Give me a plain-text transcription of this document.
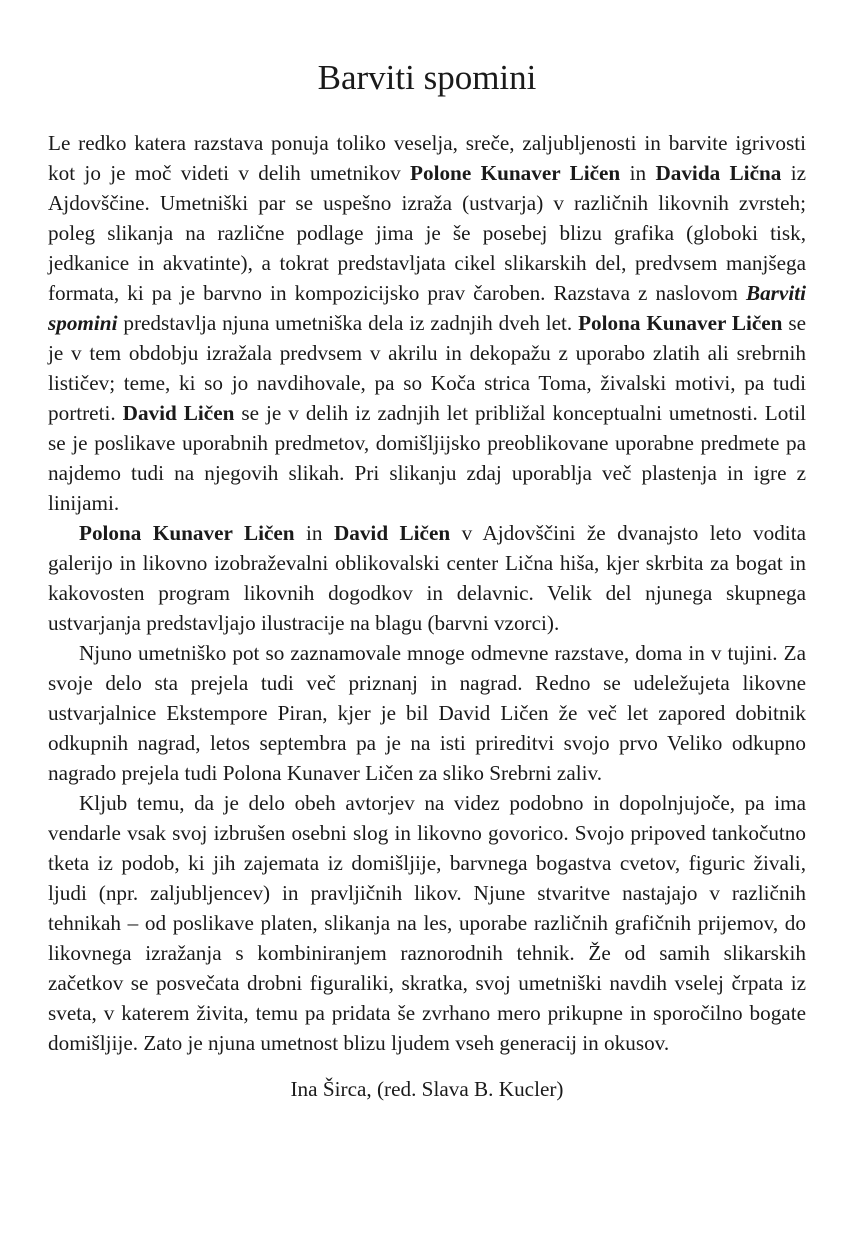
Barviti spomini

Le redko katera razstava ponuja toliko veselja, sreče, zaljubljenosti in barvite igrivosti kot jo je moč videti v delih umetnikov Polone Kunaver Ličen in Davida Lična iz Ajdovščine. Umetniški par se uspešno izraža (ustvarja) v različnih likovnih zvrsteh; poleg slikanja na različne podlage jima je še posebej blizu grafika (globoki tisk, jedkanice in akvatinte), a tokrat predstavljata cikel slikarskih del, predvsem manjšega formata, ki pa je barvno in kompozicijsko prav čaroben. Razstava z naslovom Barviti spomini predstavlja njuna umetniška dela iz zadnjih dveh let. Polona Kunaver Ličen se je v tem obdobju izražala predvsem v akrilu in dekopažu z uporabo zlatih ali srebrnih lističev; teme, ki so jo navdihovale, pa so Koča strica Toma, živalski motivi, pa tudi portreti. David Ličen se je v delih iz zadnjih let približal konceptualni umetnosti. Lotil se je poslikave uporabnih predmetov, domišljijsko preoblikovane uporabne predmete pa najdemo tudi na njegovih slikah. Pri slikanju zdaj uporablja več plastenja in igre z linijami.

Polona Kunaver Ličen in David Ličen v Ajdovščini že dvanajsto leto vodita galerijo in likovno izobraževalni oblikovalski center Lična hiša, kjer skrbita za bogat in kakovosten program likovnih dogodkov in delavnic. Velik del njunega skupnega ustvarjanja predstavljajo ilustracije na blagu (barvni vzorci).

Njuno umetniško pot so zaznamovale mnoge odmevne razstave, doma in v tujini. Za svoje delo sta prejela tudi več priznanj in nagrad. Redno se udeležujeta likovne ustvarjalnice Ekstempore Piran, kjer je bil David Ličen že več let zapored dobitnik odkupnih nagrad, letos septembra pa je na isti prireditvi svojo prvo Veliko odkupno nagrado prejela tudi Polona Kunaver Ličen za sliko Srebrni zaliv.

Kljub temu, da je delo obeh avtorjev na videz podobno in dopolnjujoče, pa ima vendarle vsak svoj izbrušen osebni slog in likovno govorico. Svojo pripoved tankočutno tketa iz podob, ki jih zajemata iz domišljije, barvnega bogastva cvetov, figuric živali, ljudi (npr. zaljubljencev) in pravljičnih likov. Njune stvaritve nastajajo v različnih tehnikah – od poslikave platen, slikanja na les, uporabe različnih grafičnih prijemov, do likovnega izražanja s kombiniranjem raznorodnih tehnik. Že od samih slikarskih začetkov se posvečata drobni figuraliki, skratka, svoj umetniški navdih vselej črpata iz sveta, v katerem živita, temu pa pridata še zvrhano mero prikupne in sporočilno bogate domišljije. Zato je njuna umetnost blizu ljudem vseh generacij in okusov.

Ina Širca, (red. Slava B. Kucler)
